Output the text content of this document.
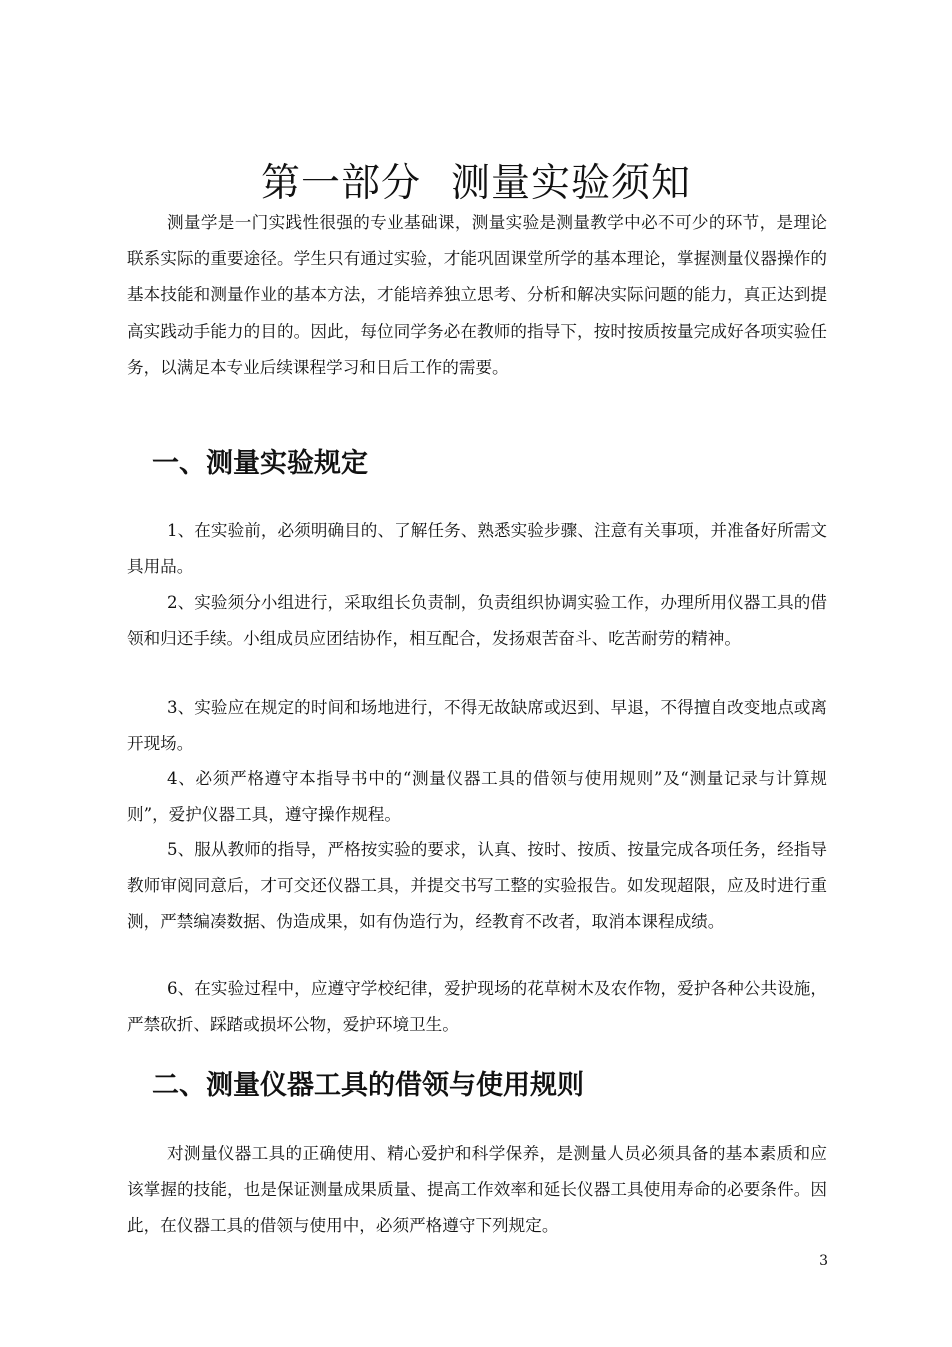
第一部分 测量实验须知

测量学是一门实践性很强的专业基础课，测量实验是测量教学中必不可少的环节，是理论联系实际的重要途径。学生只有通过实验，才能巩固课堂所学的基本理论，掌握测量仪器操作的基本技能和测量作业的基本方法，才能培养独立思考、分析和解决实际问题的能力，真正达到提高实践动手能力的目的。因此，每位同学务必在教师的指导下，按时按质按量完成好各项实验任务，以满足本专业后续课程学习和日后工作的需要。

一、测量实验规定

1、在实验前，必须明确目的、了解任务、熟悉实验步骤、注意有关事项，并准备好所需文具用品。

2、实验须分小组进行，采取组长负责制，负责组织协调实验工作，办理所用仪器工具的借领和归还手续。小组成员应团结协作，相互配合，发扬艰苦奋斗、吃苦耐劳的精神。

3、实验应在规定的时间和场地进行，不得无故缺席或迟到、早退，不得擅自改变地点或离开现场。

4、必须严格遵守本指导书中的“测量仪器工具的借领与使用规则”及“测量记录与计算规则”，爱护仪器工具，遵守操作规程。

5、服从教师的指导，严格按实验的要求，认真、按时、按质、按量完成各项任务，经指导教师审阅同意后，才可交还仪器工具，并提交书写工整的实验报告。如发现超限，应及时进行重测，严禁编凑数据、伪造成果，如有伪造行为，经教育不改者，取消本课程成绩。

6、在实验过程中，应遵守学校纪律，爱护现场的花草树木及农作物，爱护各种公共设施，严禁砍折、踩踏或损坏公物，爱护环境卫生。

二、测量仪器工具的借领与使用规则

对测量仪器工具的正确使用、精心爱护和科学保养，是测量人员必须具备的基本素质和应该掌握的技能，也是保证测量成果质量、提高工作效率和延长仪器工具使用寿命的必要条件。因此，在仪器工具的借领与使用中，必须严格遵守下列规定。

3
